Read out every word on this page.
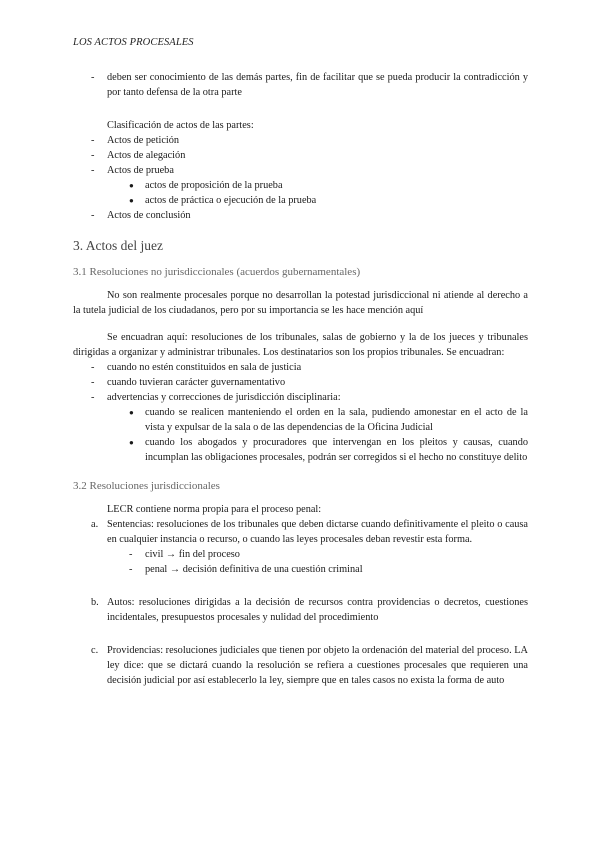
LOS ACTOS PROCESALES
- deben ser conocimiento de las demás partes, fin de facilitar que se pueda producir la contradicción y por tanto defensa de la otra parte
Clasificación de actos de las partes:
- Actos de petición
- Actos de alegación
- Actos de prueba
● actos de proposición de la prueba
● actos de práctica o ejecución de la prueba
- Actos de conclusión
3. Actos del juez
3.1 Resoluciones no jurisdiccionales (acuerdos gubernamentales)
No son realmente procesales porque no desarrollan la potestad jurisdiccional ni atiende al derecho a la tutela judicial de los ciudadanos, pero por su importancia se les hace mención aquí
Se encuadran aquí: resoluciones de los tribunales, salas de gobierno y la de los jueces y tribunales dirigidas a organizar y administrar tribunales. Los destinatarios son los propios tribunales. Se encuadran:
- cuando no estén constituidos en sala de justicia
- cuando tuvieran carácter guvernamentativo
- advertencias y correcciones de jurisdicción disciplinaria:
● cuando se realicen manteniendo el orden en la sala, pudiendo amonestar en el acto de la vista y expulsar de la sala o de las dependencias de la Oficina Judicial
● cuando los abogados y procuradores que intervengan en los pleitos y causas, cuando incumplan las obligaciones procesales, podrán ser corregidos si el hecho no constituye delito
3.2 Resoluciones jurisdiccionales
LECR contiene norma propia para el proceso penal:
a. Sentencias: resoluciones de los tribunales que deben dictarse cuando definitivamente el pleito o causa en cualquier instancia o recurso, o cuando las leyes procesales deban revestir esta forma.
- civil → fin del proceso
- penal → decisión definitiva de una cuestión criminal
b. Autos: resoluciones dirigidas a la decisión de recursos contra providencias o decretos, cuestiones incidentales, presupuestos procesales y nulidad del procedimiento
c. Providencias: resoluciones judiciales que tienen por objeto la ordenación del material del proceso. LA ley dice: que se dictará cuando la resolución se refiera a cuestiones procesales que requieren una decisión judicial por así establecerlo la ley, siempre que en tales casos no exista la forma de auto
